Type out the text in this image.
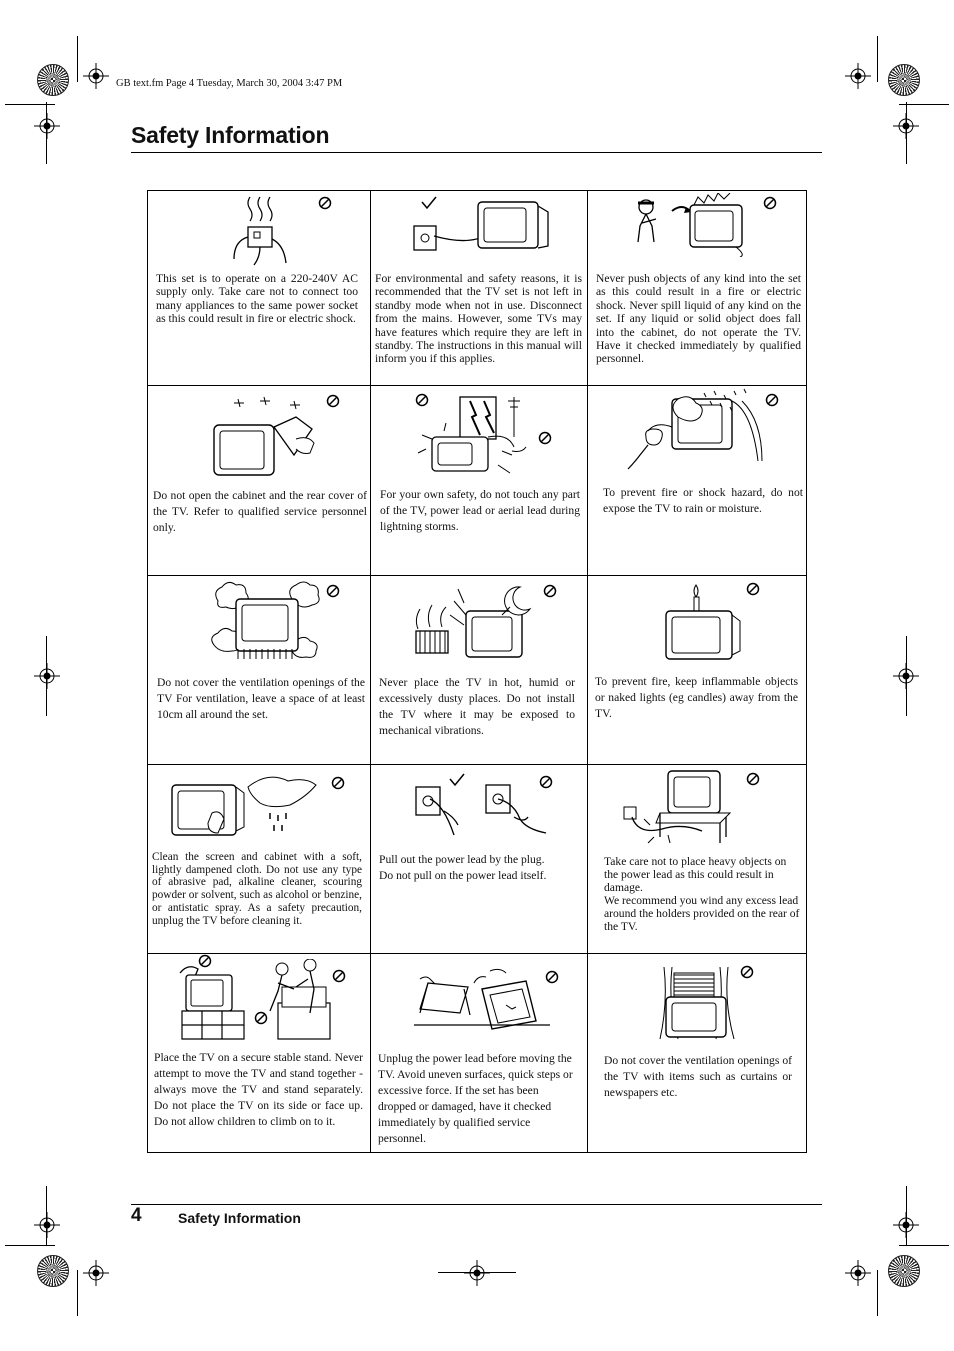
GB text.fm Page 4 Tuesday, March 30, 2004 3:47 PM
Safety Information
This set is to operate on a 220-240V AC supply only. Take care not to connect too many appliances to the same power socket as this could result in fire or electric shock.
For environmental and safety reasons, it is recommended that the TV set is not left in standby mode when not in use. Disconnect from the mains. However, some TVs may have features which require they are left in standby. The instructions in this manual will inform you if this applies.
Never push objects of any kind into the set as this could result in a fire or electric shock. Never spill liquid of any kind on the set. If any liquid or solid object does fall into the cabinet, do not operate the TV. Have it checked immediately by qualified personnel.
Do not open the cabinet and the rear cover of the TV. Refer to qualified service personnel only.
For your own safety, do not touch any part of the TV, power lead or aerial lead during lightning storms.
To prevent fire or shock hazard, do not expose the TV to rain or moisture.
Do not cover the ventilation openings of the TV For ventilation, leave a space of at least 10cm all around the set.
Never place the TV in hot, humid or excessively dusty places. Do not install the TV where it may be exposed to mechanical vibrations.
To prevent fire, keep inflammable objects or naked lights (eg candles) away from the TV.
Clean the screen and cabinet with a soft, lightly dampened cloth. Do not use any type of abrasive pad, alkaline cleaner, scouring powder or solvent, such as alcohol or benzine, or antistatic spray. As a safety precaution, unplug the TV before cleaning it.
Pull out the power lead by the plug.
Do not pull on the power lead itself.
Take care not to place heavy objects on the power lead as this could result in damage.
We recommend you wind any excess lead around the holders provided on the rear of the TV.
Place the TV on a secure stable stand. Never attempt to move the TV and stand together -always move the TV and stand separately. Do not place the TV on its side or face up. Do not allow children to climb on to it.
Unplug the power lead before moving the TV. Avoid uneven surfaces, quick steps or excessive force. If the set has been dropped or damaged, have it checked immediately by qualified service personnel.
Do not cover the ventilation openings of the TV with items such as curtains or newspapers etc.
4	Safety Information
